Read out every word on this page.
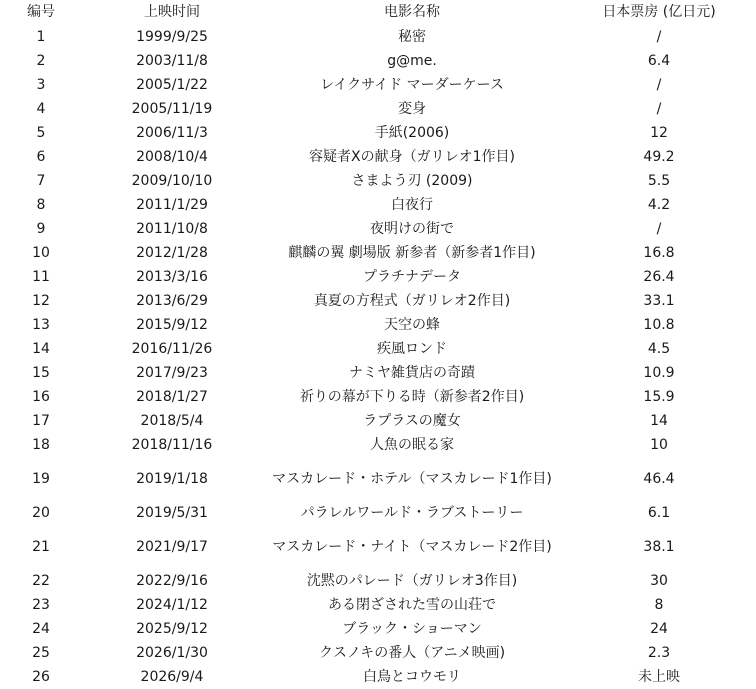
编号	上映时间	电影名称	日本票房 (亿日元)
1	1999/9/25	秘密	/
2	2003/11/8	g@me.	6.4
3	2005/1/22	レイクサイド マーダーケース	/
4	2005/11/19	変身	/
5	2006/11/3	手紙(2006)	12
6	2008/10/4	容疑者Xの献身（ガリレオ1作目)	49.2
7	2009/10/10	さまよう刃 (2009)	5.5
8	2011/1/29	白夜行	4.2
9	2011/10/8	夜明けの街で	/
10	2012/1/28	麒麟の翼 劇場版 新参者（新参者1作目)	16.8
11	2013/3/16	プラチナデータ	26.4
12	2013/6/29	真夏の方程式（ガリレオ2作目)	33.1
13	2015/9/12	天空の蜂	10.8
14	2016/11/26	疾風ロンド	4.5
15	2017/9/23	ナミヤ雑貨店の奇蹟	10.9
16	2018/1/27	祈りの幕が下りる時（新参者2作目)	15.9
17	2018/5/4	ラプラスの魔女	14
18	2018/11/16	人魚の眠る家	10
19	2019/1/18	マスカレード・ホテル（マスカレード1作目)	46.4
20	2019/5/31	パラレルワールド・ラブストーリー	6.1
21	2021/9/17	マスカレード・ナイト（マスカレード2作目)	38.1
22	2022/9/16	沈黙のパレード（ガリレオ3作目)	30
23	2024/1/12	ある閉ざされた雪の山荘で	8
24	2025/9/12	ブラック・ショーマン	24
25	2026/1/30	クスノキの番人（アニメ映画)	2.3
26	2026/9/4	白鳥とコウモリ	未上映
